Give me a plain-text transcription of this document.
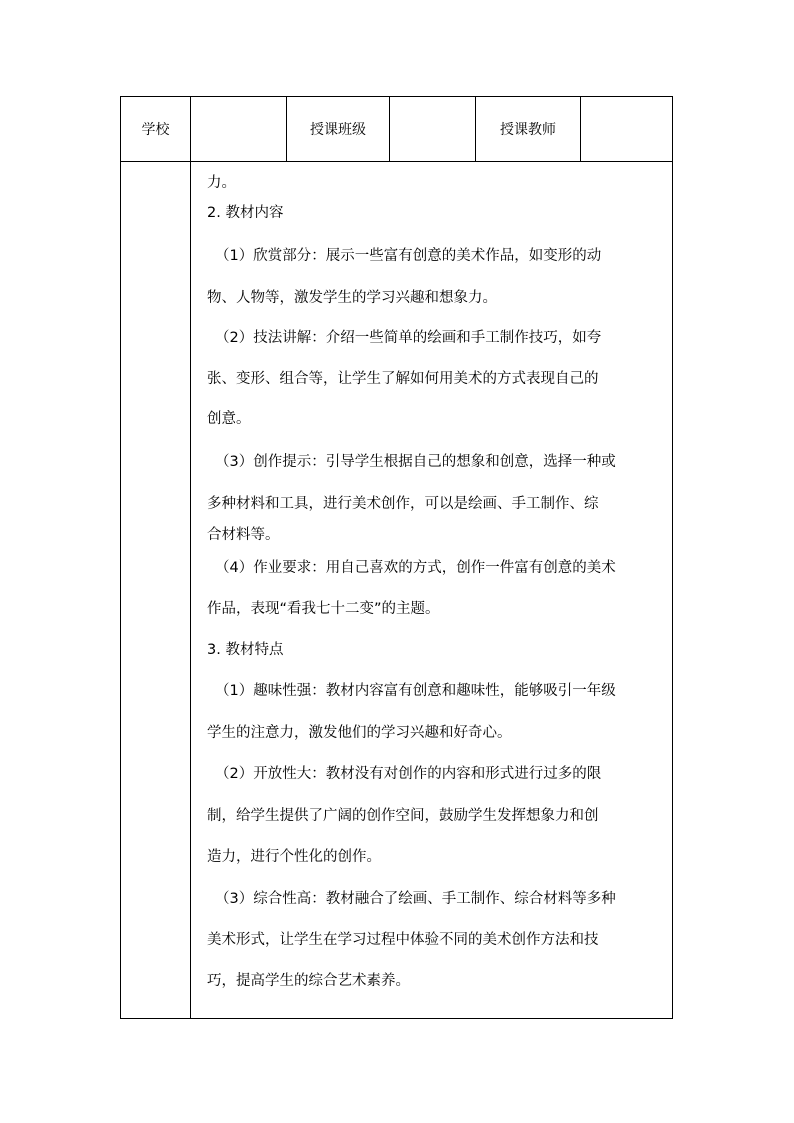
学校	授课班级	授课教师
力。
2. 教材内容
（1）欣赏部分：展示一些富有创意的美术作品，如变形的动
物、人物等，激发学生的学习兴趣和想象力。
（2）技法讲解：介绍一些简单的绘画和手工制作技巧，如夸
张、变形、组合等，让学生了解如何用美术的方式表现自己的
创意。
（3）创作提示：引导学生根据自己的想象和创意，选择一种或
多种材料和工具，进行美术创作，可以是绘画、手工制作、综
合材料等。
（4）作业要求：用自己喜欢的方式，创作一件富有创意的美术
作品，表现“看我七十二变”的主题。
3. 教材特点
（1）趣味性强：教材内容富有创意和趣味性，能够吸引一年级
学生的注意力，激发他们的学习兴趣和好奇心。
（2）开放性大：教材没有对创作的内容和形式进行过多的限
制，给学生提供了广阔的创作空间，鼓励学生发挥想象力和创
造力，进行个性化的创作。
（3）综合性高：教材融合了绘画、手工制作、综合材料等多种
美术形式，让学生在学习过程中体验不同的美术创作方法和技
巧，提高学生的综合艺术素养。
